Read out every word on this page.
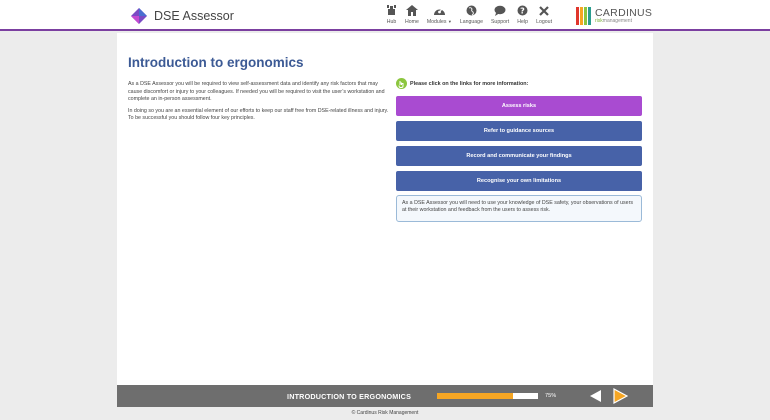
DSE Assessor	Hub Home Modules ▼ Language Support
?
Help Logout
CARDINUS
riskmanagement
Introduction to ergonomics

As a DSE Assessor you will be required to view self-assessment data and identify any risk factors that may cause discomfort or injury to your colleagues. If needed you will be required to visit the user’s workstation and complete an in-person assessment.

In doing so you are an essential element of our efforts to keep our staff free from DSE-related illness and injury. To be successful you should follow four key principles.

Please click on the links for more information:
Assess risks
Refer to guidance sources
Record and communicate your findings
Recognise your own limitations
As a DSE Assessor you will need to use your knowledge of DSE safety, your observations of users at their workstation and feedback from the users to assess risk.
INTRODUCTION TO ERGONOMICS	75%
© Cardinus Risk Management
